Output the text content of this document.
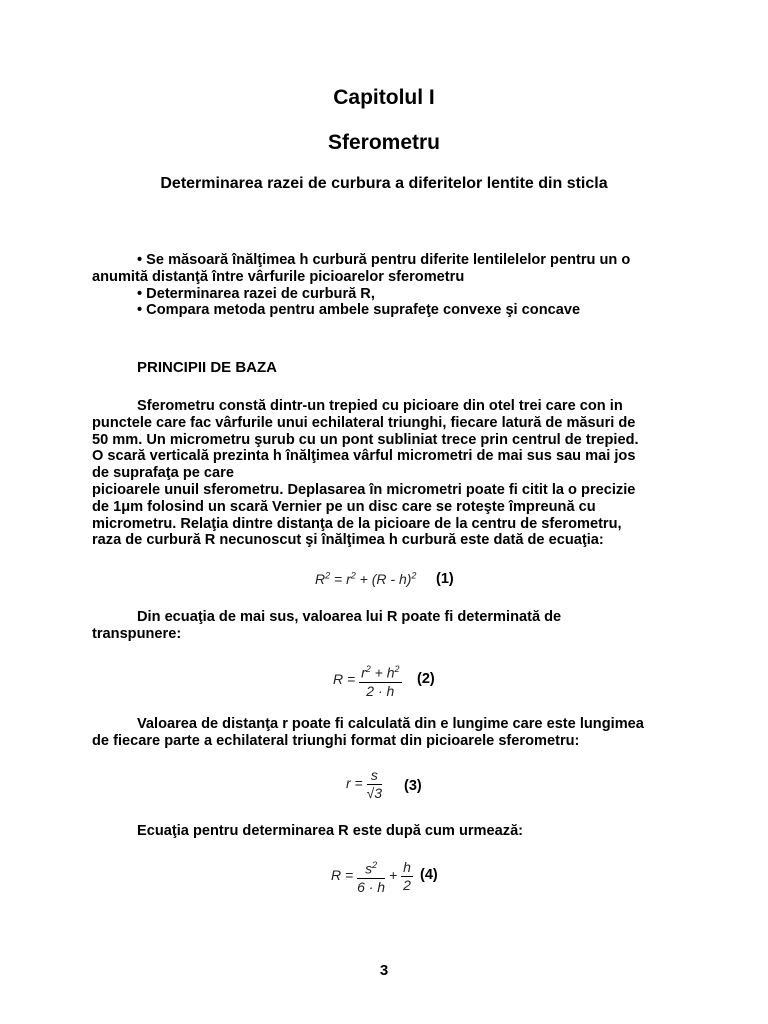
Capitolul I
Sferometru
Determinarea razei de curbura a diferitelor lentite din sticla
• Se măsoară înălţimea h curbură pentru diferite lentilelelor pentru un o
anumită distanţă între vârfurile picioarelor sferometru
• Determinarea razei de curbură R,
• Compara metoda pentru ambele suprafeţe convexe şi concave
PRINCIPII DE BAZA
Sferometru constă dintr-un trepied cu picioare din otel trei care con in
punctele care fac vârfurile unui echilateral triunghi, fiecare latură de măsuri de
50 mm. Un micrometru şurub cu un pont subliniat trece prin centrul de trepied.
O scară verticală prezinta h înălţimea vârful micrometri de mai sus sau mai jos
de suprafaţa pe care
picioarele unuil sferometru. Deplasarea în micrometri poate fi citit la o precizie
de 1μm folosind un scară Vernier pe un disc care se roteşte împreună cu
micrometru. Relaţia dintre distanţa de la picioare de la centru de sferometru,
raza de curbură R necunoscut şi înălţimea h curbură este dată de ecuaţia:
$R^2 = r^2 + (R - h)^2$ (1)
Din ecuaţia de mai sus, valoarea lui R poate fi determinată de
transpunere:
$R = \frac{r^2 + h^2}{2 \cdot h} (2)$
Valoarea de distanţa r poate fi calculată din e lungime care este lungimea
de fiecare parte a echilateral triunghi format din picioarele sferometru:
$r = \frac{s}{√3} (3)$
Ecuaţia pentru determinarea R este după cum urmează:
$R = \frac{s^2}{6 \cdot h} + \frac{h}{2} (4)$
3
